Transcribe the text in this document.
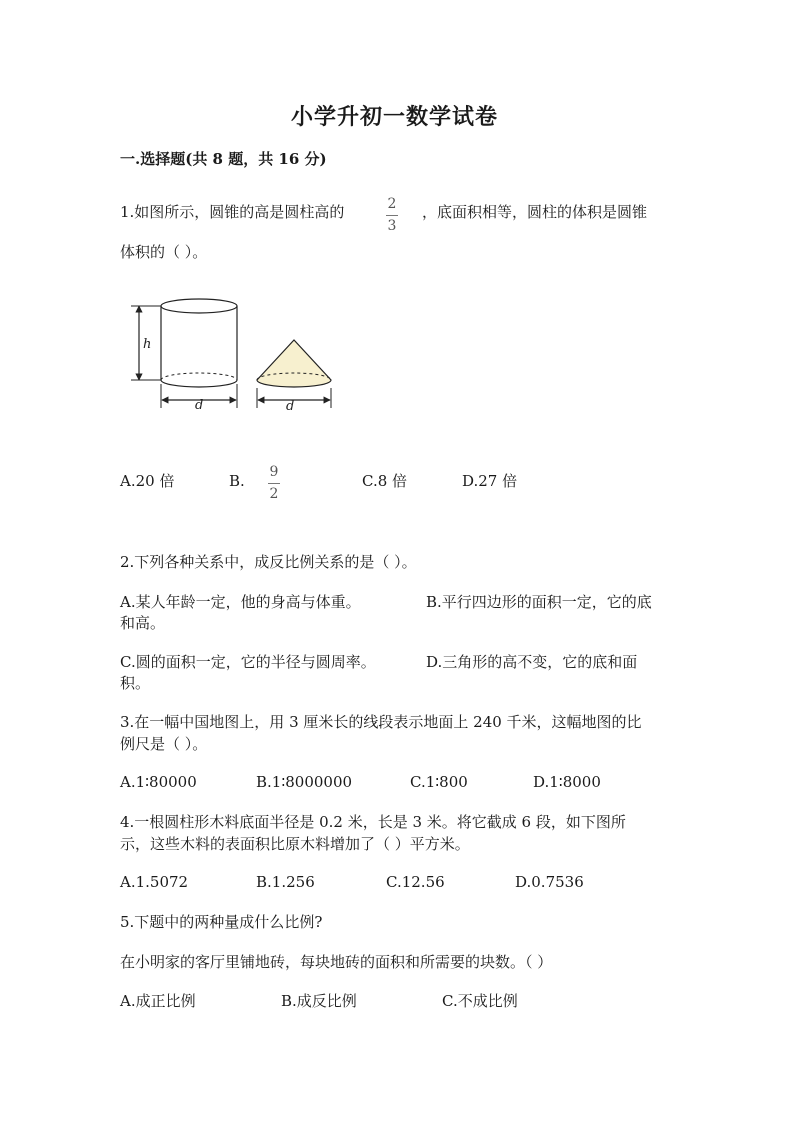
小学升初一数学试卷
一.选择题(共 8 题，共 16 分)
1.如图所示，圆锥的高是圆柱高的	2
3
，底面积相等，圆柱的体积是圆锥
体积的（ ）。
h
d	d
A.20 倍	B. 9
2
C.8 倍	D.27 倍
2.下列各种关系中，成反比例关系的是（ ）。
A.某人年龄一定，他的身高与体重。	B.平行四边形的面积一定，它的底
和高。
C.圆的面积一定，它的半径与圆周率。	D.三角形的高不变，它的底和面
积。
3.在一幅中国地图上，用 3 厘米长的线段表示地面上 240 千米，这幅地图的比
例尺是（ ）。
A.1∶80000	B.1∶8000000	C.1∶800	D.1∶8000
4.一根圆柱形木料底面半径是 0.2 米，长是 3 米。将它截成 6 段，如下图所
示，这些木料的表面积比原木料增加了（ ）平方米。
A.1.5072	B.1.256	C.12.56	D.0.7536
5.下题中的两种量成什么比例?
在小明家的客厅里铺地砖，每块地砖的面积和所需要的块数。（ ）
A.成正比例	B.成反比例	C.不成比例
